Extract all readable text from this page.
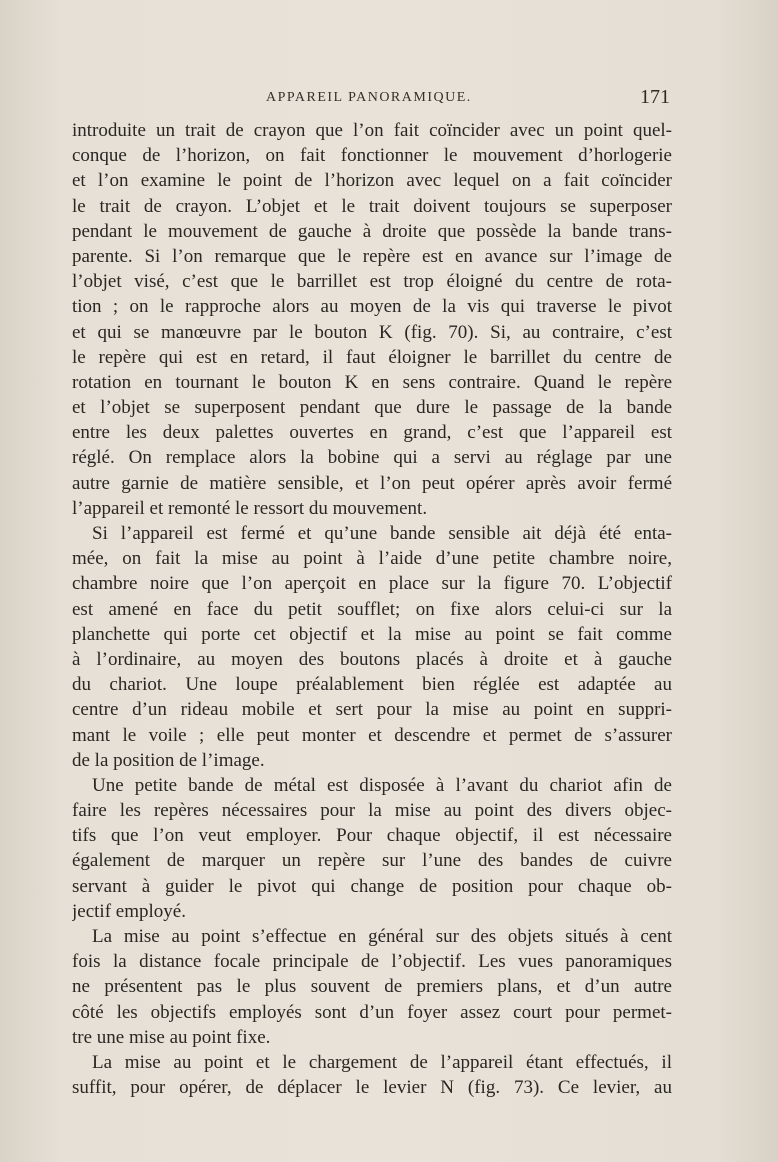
APPAREIL PANORAMIQUE.	171
introduite un trait de crayon que l’on fait coïncider avec un point quel-
conque de l’horizon, on fait fonctionner le mouvement d’horlogerie
et l’on examine le point de l’horizon avec lequel on a fait coïncider
le trait de crayon. L’objet et le trait doivent toujours se superposer
pendant le mouvement de gauche à droite que possède la bande trans-
parente. Si l’on remarque que le repère est en avance sur l’image de
l’objet visé, c’est que le barrillet est trop éloigné du centre de rota-
tion ; on le rapproche alors au moyen de la vis qui traverse le pivot
et qui se manœuvre par le bouton K (fig. 70). Si, au contraire, c’est
le repère qui est en retard, il faut éloigner le barrillet du centre de
rotation en tournant le bouton K en sens contraire. Quand le repère
et l’objet se superposent pendant que dure le passage de la bande
entre les deux palettes ouvertes en grand, c’est que l’appareil est
réglé. On remplace alors la bobine qui a servi au réglage par une
autre garnie de matière sensible, et l’on peut opérer après avoir fermé
l’appareil et remonté le ressort du mouvement.
Si l’appareil est fermé et qu’une bande sensible ait déjà été enta-
mée, on fait la mise au point à l’aide d’une petite chambre noire,
chambre noire que l’on aperçoit en place sur la figure 70. L’objectif
est amené en face du petit soufflet; on fixe alors celui-ci sur la
planchette qui porte cet objectif et la mise au point se fait comme
à l’ordinaire, au moyen des boutons placés à droite et à gauche
du chariot. Une loupe préalablement bien réglée est adaptée au
centre d’un rideau mobile et sert pour la mise au point en suppri-
mant le voile ; elle peut monter et descendre et permet de s’assurer
de la position de l’image.
Une petite bande de métal est disposée à l’avant du chariot afin de
faire les repères nécessaires pour la mise au point des divers objec-
tifs que l’on veut employer. Pour chaque objectif, il est nécessaire
également de marquer un repère sur l’une des bandes de cuivre
servant à guider le pivot qui change de position pour chaque ob-
jectif employé.
La mise au point s’effectue en général sur des objets situés à cent
fois la distance focale principale de l’objectif. Les vues panoramiques
ne présentent pas le plus souvent de premiers plans, et d’un autre
côté les objectifs employés sont d’un foyer assez court pour permet-
tre une mise au point fixe.
La mise au point et le chargement de l’appareil étant effectués, il
suffit, pour opérer, de déplacer le levier N (fig. 73). Ce levier, au
